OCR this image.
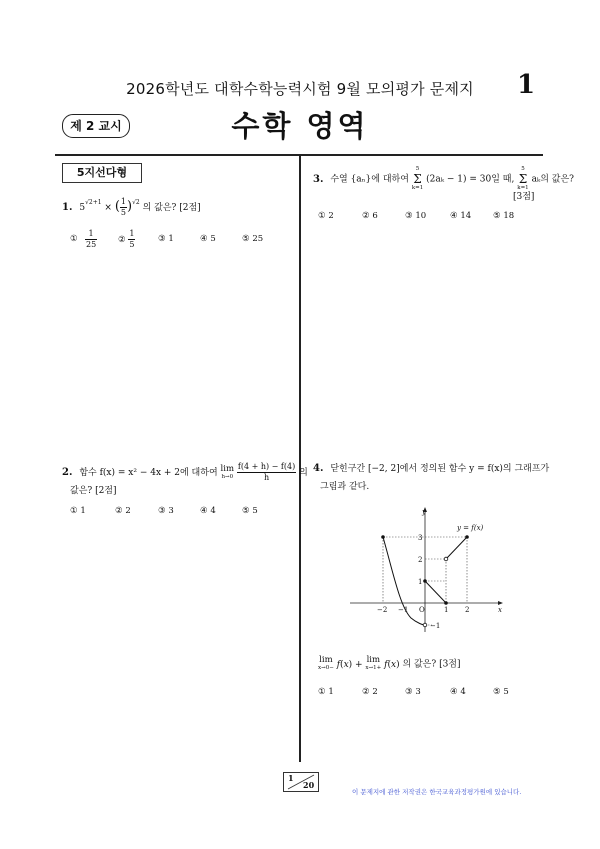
2026학년도 대학수학능력시험 9월 모의평가 문제지	1
제 2 교시	수학 영역
5지선다형
1. $5^{√2+1}$ × ( $\frac{1}{5} )^{√2}$ 의 값은? [2점]
① $\frac{1}{25}$ ② $\frac{1}{5}$	③ 1	④ 5	⑤ 25
2. 함수 f(x) = x² − 4x + 2에 대하여 lim
h→0
$\frac{f(4 + h) - f(4)}{h}$ 의
값은? [2점]
① 1	② 2	③ 3	④ 4	⑤ 5
3. 수열 {aₙ}에 대하여
5
Σ
k=1
(2aₖ − 1) = 30일 때,
5
Σ
k=1
aₖ의 값은?
[3점]
① 2	② 6	③ 10	④ 14	⑤ 18
4. 닫힌구간 [−2, 2]에서 정의된 함수 y = f(x)의 그래프가
그림과 같다.
y = f(x)
x
y
O
−2 −1	1 2
3
2
1
−1
lim
x→0− f(x) + lim
x→1+ f(x) 의 값은? [3점]
① 1	② 2	③ 3	④ 4	⑤ 5
1
20
이 문제지에 관한 저작권은 한국교육과정평가원에 있습니다.
